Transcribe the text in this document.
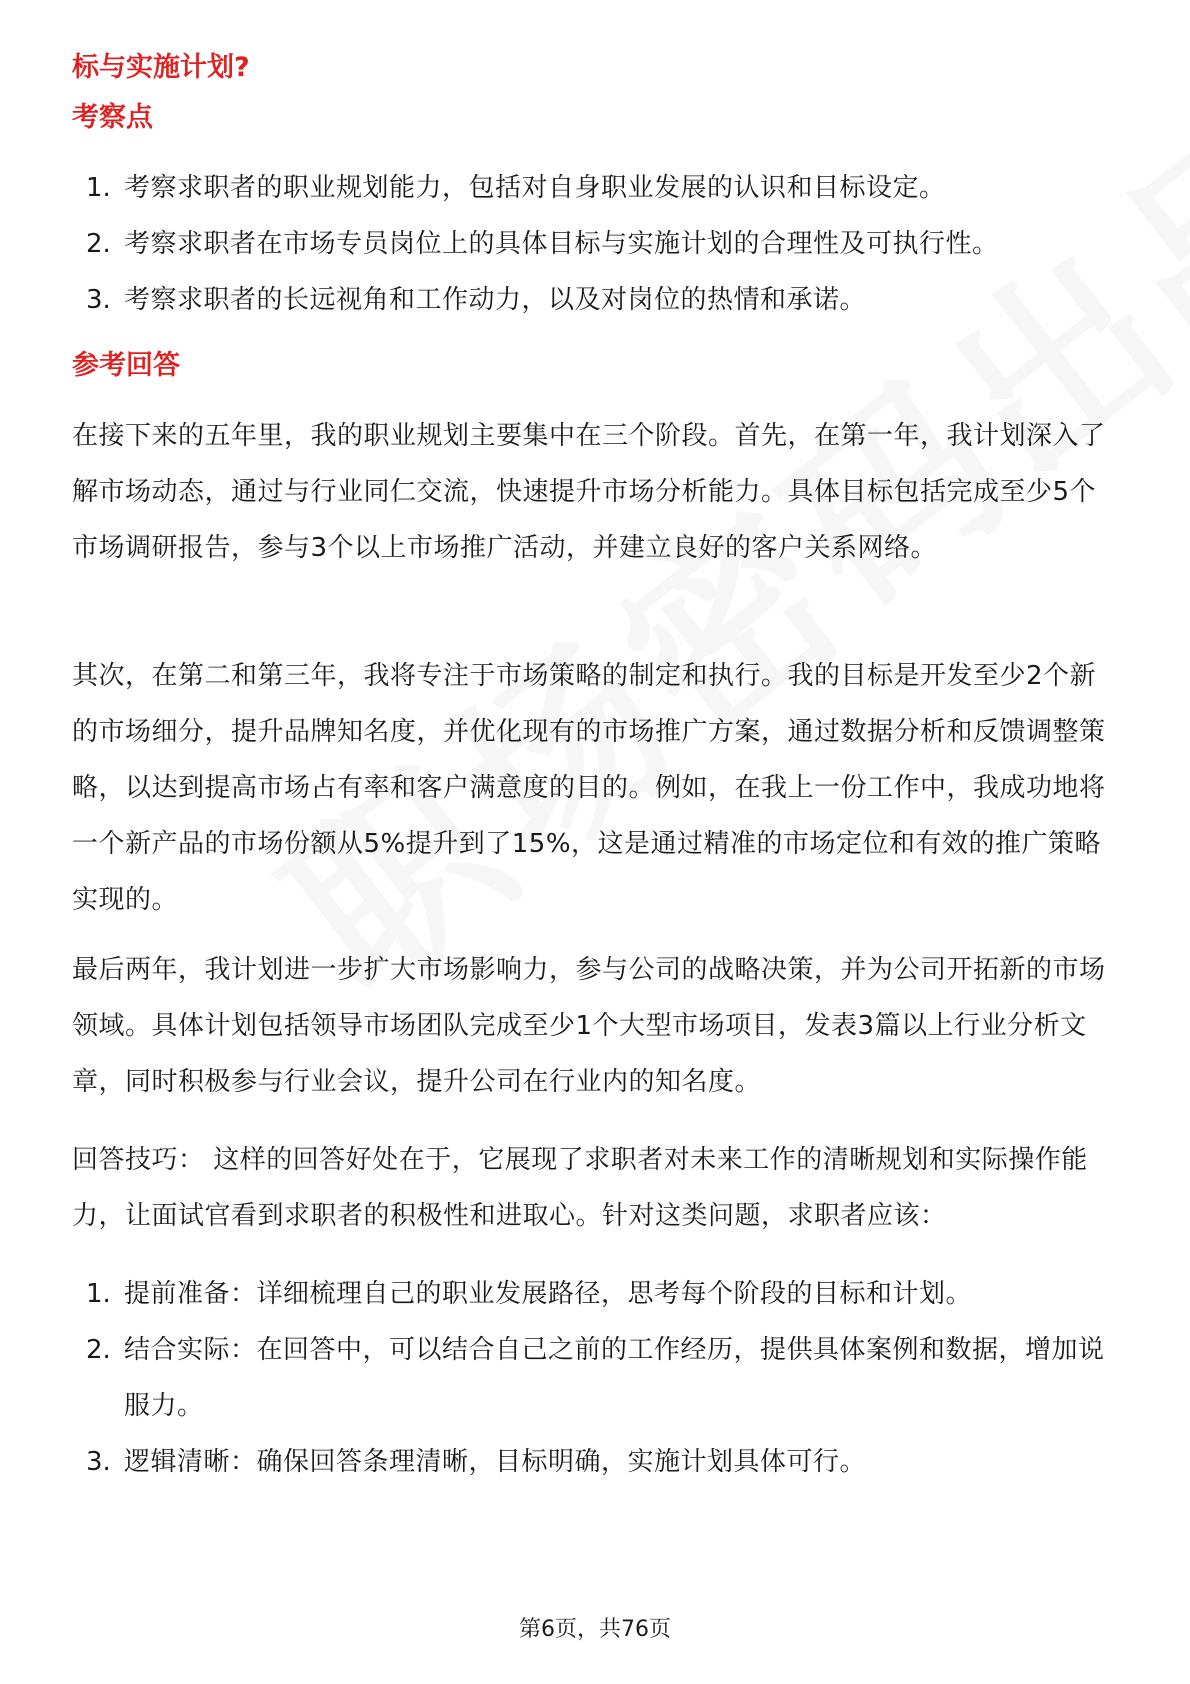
标与实施计划?
考察点
1. 考察求职者的职业规划能力，包括对自身职业发展的认识和目标设定。
2. 考察求职者在市场专员岗位上的具体目标与实施计划的合理性及可执行性。
3. 考察求职者的长远视角和工作动力，以及对岗位的热情和承诺。
参考回答

在接下来的五年里，我的职业规划主要集中在三个阶段。首先，在第一年，我计划深入了解市场动态，通过与行业同仁交流，快速提升市场分析能力。具体目标包括完成至少5个市场调研报告，参与3个以上市场推广活动，并建立良好的客户关系网络。

其次，在第二和第三年，我将专注于市场策略的制定和执行。我的目标是开发至少2个新的市场细分，提升品牌知名度，并优化现有的市场推广方案，通过数据分析和反馈调整策略，以达到提高市场占有率和客户满意度的目的。例如，在我上一份工作中，我成功地将一个新产品的市场份额从5%提升到了15%，这是通过精准的市场定位和有效的推广策略实现的。

最后两年，我计划进一步扩大市场影响力，参与公司的战略决策，并为公司开拓新的市场领域。具体计划包括领导市场团队完成至少1个大型市场项目，发表3篇以上行业分析文章，同时积极参与行业会议，提升公司在行业内的知名度。

回答技巧： 这样的回答好处在于，它展现了求职者对未来工作的清晰规划和实际操作能力，让面试官看到求职者的积极性和进取心。针对这类问题，求职者应该：

1. 提前准备：详细梳理自己的职业发展路径，思考每个阶段的目标和计划。
2. 结合实际：在回答中，可以结合自己之前的工作经历，提供具体案例和数据，增加说服力。
3. 逻辑清晰：确保回答条理清晰，目标明确，实施计划具体可行。
第6页，共76页
